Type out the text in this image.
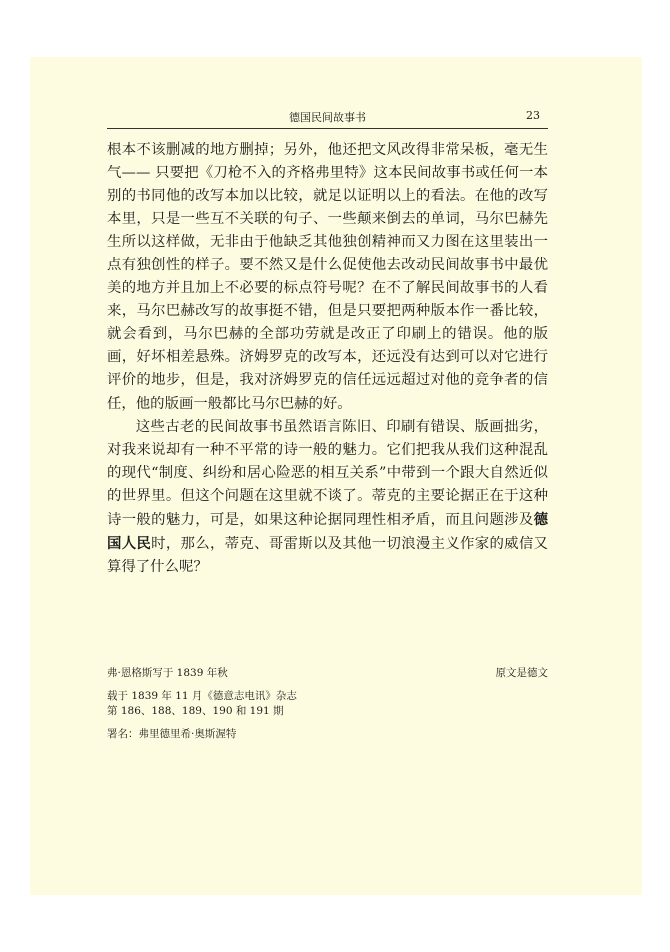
德国民间故事书	23

根本不该删减的地方删掉；另外，他还把文风改得非常呆板，毫无生气—— 只要把《刀枪不入的齐格弗里特》这本民间故事书或任何一本别的书同他的改写本加以比较，就足以证明以上的看法。在他的改写本里，只是一些互不关联的句子、一些颠来倒去的单词，马尔巴赫先生所以这样做，无非由于他缺乏其他独创精神而又力图在这里装出一点有独创性的样子。要不然又是什么促使他去改动民间故事书中最优美的地方并且加上不必要的标点符号呢？在不了解民间故事书的人看来，马尔巴赫改写的故事挺不错，但是只要把两种版本作一番比较，就会看到，马尔巴赫的全部功劳就是改正了印刷上的错误。他的版画，好坏相差悬殊。济姆罗克的改写本，还远没有达到可以对它进行评价的地步，但是，我对济姆罗克的信任远远超过对他的竞争者的信任，他的版画一般都比马尔巴赫的好。

这些古老的民间故事书虽然语言陈旧、印刷有错误、版画拙劣，对我来说却有一种不平常的诗一般的魅力。它们把我从我们这种混乱的现代“制度、纠纷和居心险恶的相互关系”中带到一个跟大自然近似的世界里。但这个问题在这里就不谈了。蒂克的主要论据正在于这种诗一般的魅力，可是，如果这种论据同理性相矛盾，而且问题涉及德国人民时，那么，蒂克、哥雷斯以及其他一切浪漫主义作家的威信又算得了什么呢？

弗·恩格斯写于 1839 年秋	原文是德文
载于 1839 年 11 月《德意志电讯》杂志
第 186、188、189、190 和 191 期
署名：弗里德里希·奥斯渥特
